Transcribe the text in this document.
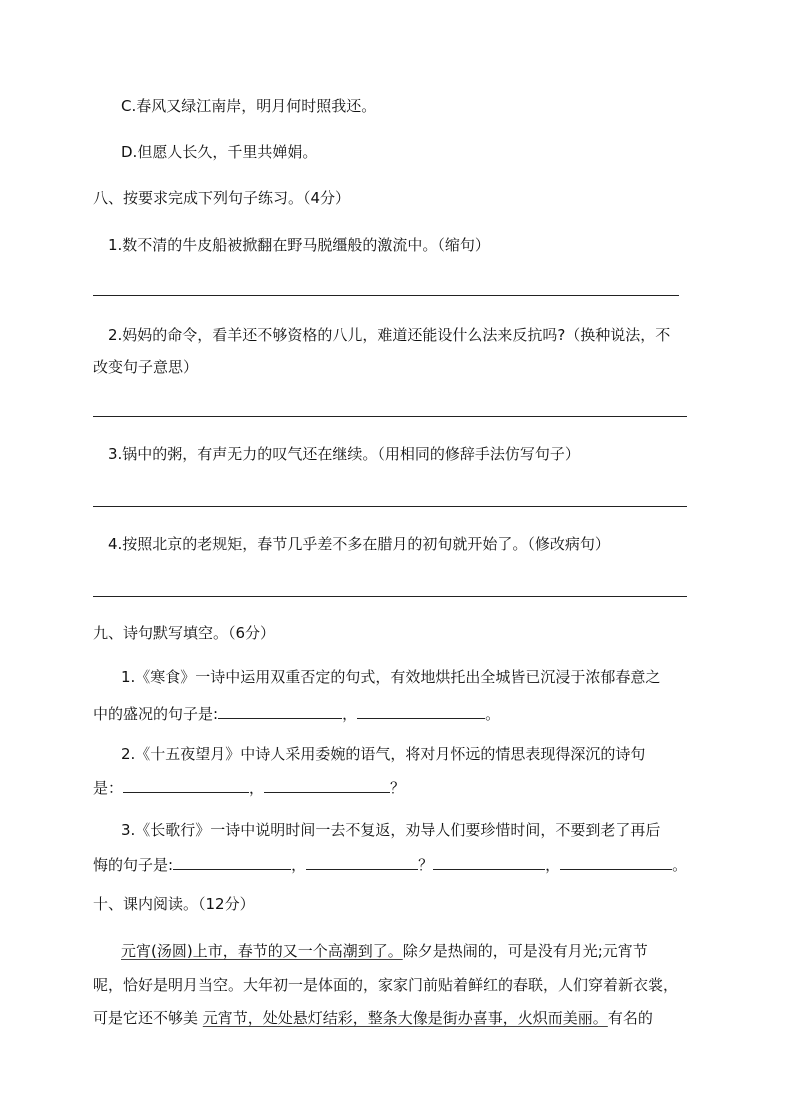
C.春风又绿江南岸，明月何时照我还。
D.但愿人长久，千里共婵娟。
八、按要求完成下列句子练习。（4分）
1.数不清的牛皮船被掀翻在野马脱缰般的激流中。（缩句）
2.妈妈的命令，看羊还不够资格的八儿，难道还能设什么法来反抗吗?（换种说法，不
改变句子意思）
3.锅中的粥，有声无力的叹气还在继续。（用相同的修辞手法仿写句子）
4.按照北京的老规矩，春节几乎差不多在腊月的初旬就开始了。（修改病句）
九、诗句默写填空。（6分）
1.《寒食》一诗中运用双重否定的句式，有效地烘托出全城皆已沉浸于浓郁春意之
中的盛况的句子是:	，	。
2.《十五夜望月》中诗人采用委婉的语气，将对月怀远的情思表现得深沉的诗句
是：	，	？
3.《长歌行》一诗中说明时间一去不复返，劝导人们要珍惜时间，不要到老了再后
悔的句子是:	，	？	，	。
十、课内阅读。（12分）
元宵(汤圆)上市，春节的又一个高潮到了。除夕是热闹的，可是没有月光;元宵节
呢，恰好是明月当空。大年初一是体面的，家家门前贴着鲜红的春联，人们穿着新衣裳，
可是它还不够美 元宵节，处处悬灯结彩，整条大像是街办喜事，火炽而美丽。有名的
